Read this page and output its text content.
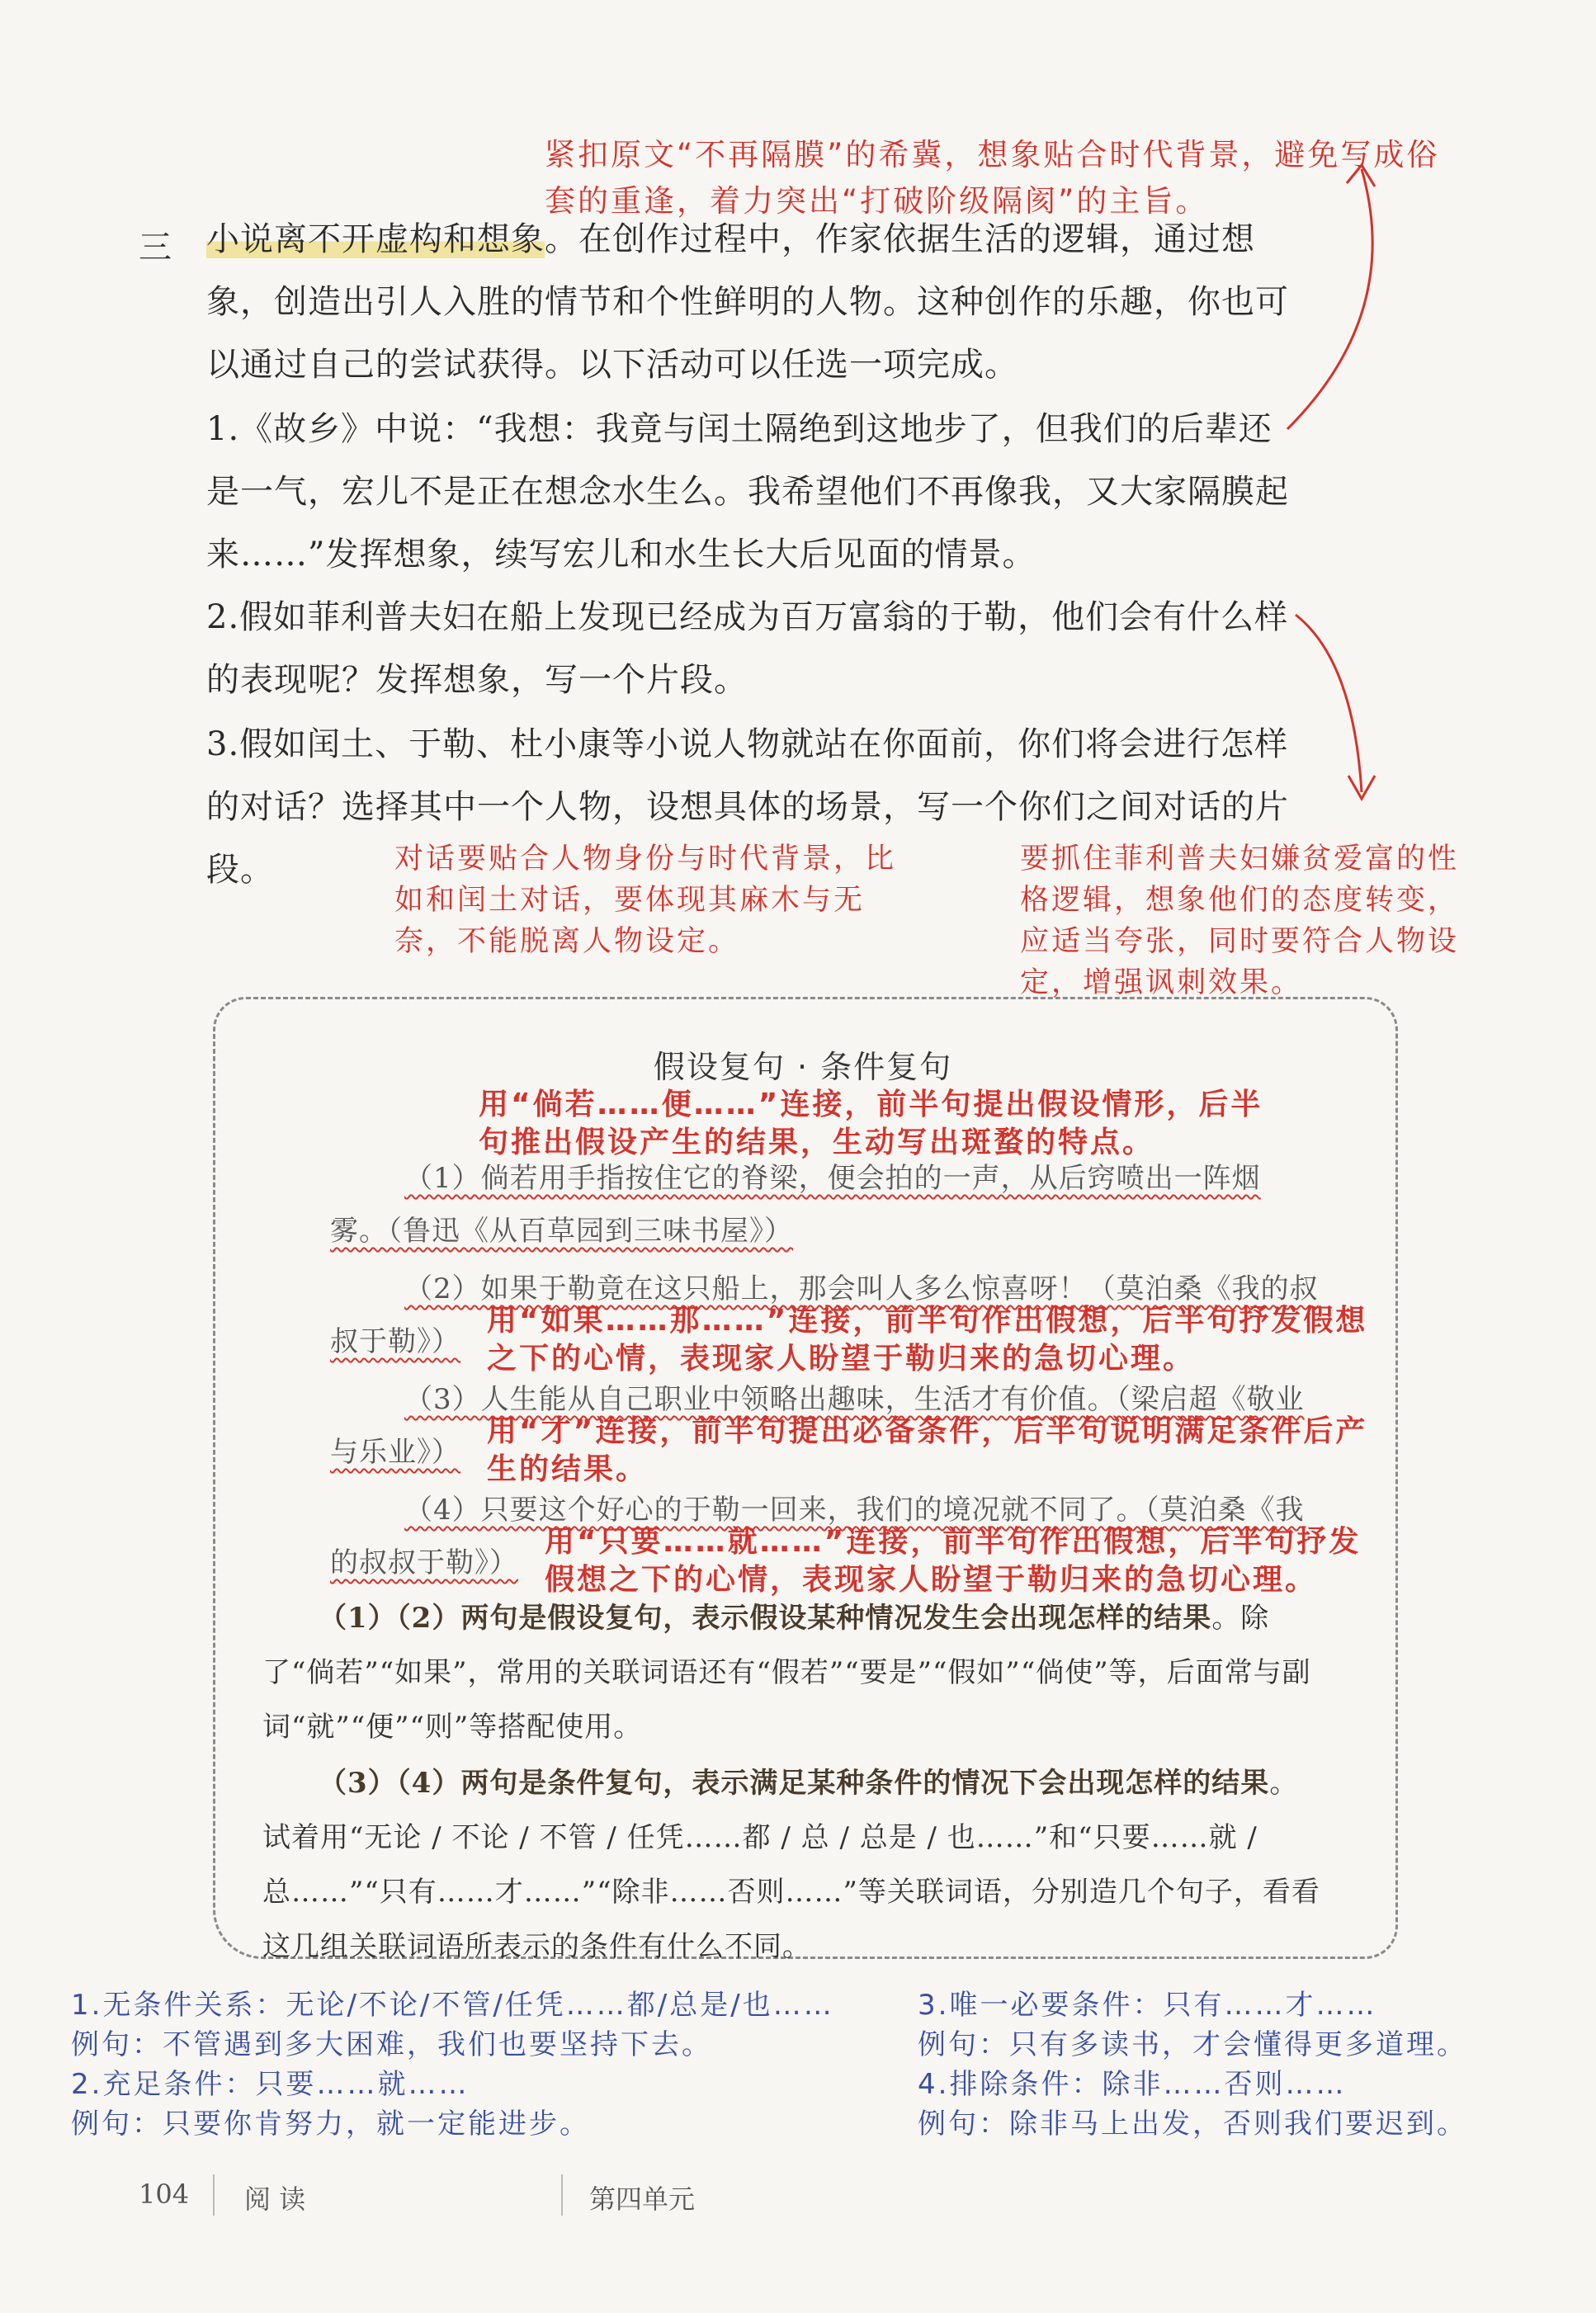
紧扣原文“不再隔膜”的希冀，想象贴合时代背景，避免写成俗套的重逢，着力突出“打破阶级隔阂”的主旨。
三 小说离不开虚构和想象。在创作过程中，作家依据生活的逻辑，通过想象，创造出引人入胜的情节和个性鲜明的人物。这种创作的乐趣，你也可以通过自己的尝试获得。以下活动可以任选一项完成。
1.《故乡》中说：“我想：我竟与闰土隔绝到这地步了，但我们的后辈还是一气，宏儿不是正在想念水生么。我希望他们不再像我，又大家隔膜起来……”发挥想象，续写宏儿和水生长大后见面的情景。
2.假如菲利普夫妇在船上发现已经成为百万富翁的于勒，他们会有什么样的表现呢？发挥想象，写一个片段。
3.假如闰土、于勒、杜小康等小说人物就站在你面前，你们将会进行怎样的对话？选择其中一个人物，设想具体的场景，写一个你们之间对话的片段。	对话要贴合人物身份与时代背景，比如和闰土对话，要体现其麻木与无奈，不能脱离人物设定。
要抓住菲利普夫妇嫌贫爱富的性格逻辑，想象他们的态度转变，应适当夸张，同时要符合人物设定，增强讽刺效果。
假设复句 · 条件复句
用“倘若……便……”连接，前半句提出假设情形，后半句推出假设产生的结果，生动写出斑蝥的特点。
（1）倘若用手指按住它的脊梁，便会拍的一声，从后窍喷出一阵烟
雾。（鲁迅《从百草园到三味书屋》）
（2）如果于勒竟在这只船上，那会叫人多么惊喜呀！（莫泊桑《我的叔
叔于勒》）
用“如果……那……”连接，前半句作出假想，后半句抒发假想之下的心情，表现家人盼望于勒归来的急切心理。
（3）人生能从自己职业中领略出趣味，生活才有价值。（梁启超《敬业
与乐业》）
用“才”连接，前半句提出必备条件，后半句说明满足条件后产生的结果。
（4）只要这个好心的于勒一回来，我们的境况就不同了。（莫泊桑《我
的叔叔于勒》）
用“只要……就……”连接，前半句作出假想，后半句抒发假想之下的心情，表现家人盼望于勒归来的急切心理。
（1）（2）两句是假设复句，表示假设某种情况发生会出现怎样的结果。除了“倘若”“如果”，常用的关联词语还有“假若”“要是”“假如”“倘使”等，后面常与副词“就”“便”“则”等搭配使用。
（3）（4）两句是条件复句，表示满足某种条件的情况下会出现怎样的结果。试着用“无论 / 不论 / 不管 / 任凭……都 / 总 / 总是 / 也……”和“只要……就 / 总……”“只有……才……”“除非……否则……”等关联词语，分别造几个句子，看看这几组关联词语所表示的条件有什么不同。
1.无条件关系：无论/不论/不管/任凭……都/总是/也……
例句：不管遇到多大困难，我们也要坚持下去。
2.充足条件：只要……就……
例句：只要你肯努力，就一定能进步。
3.唯一必要条件：只有……才……
例句：只有多读书，才会懂得更多道理。
4.排除条件：除非……否则……
例句：除非马上出发，否则我们要迟到。
104 阅 读	第四单元
